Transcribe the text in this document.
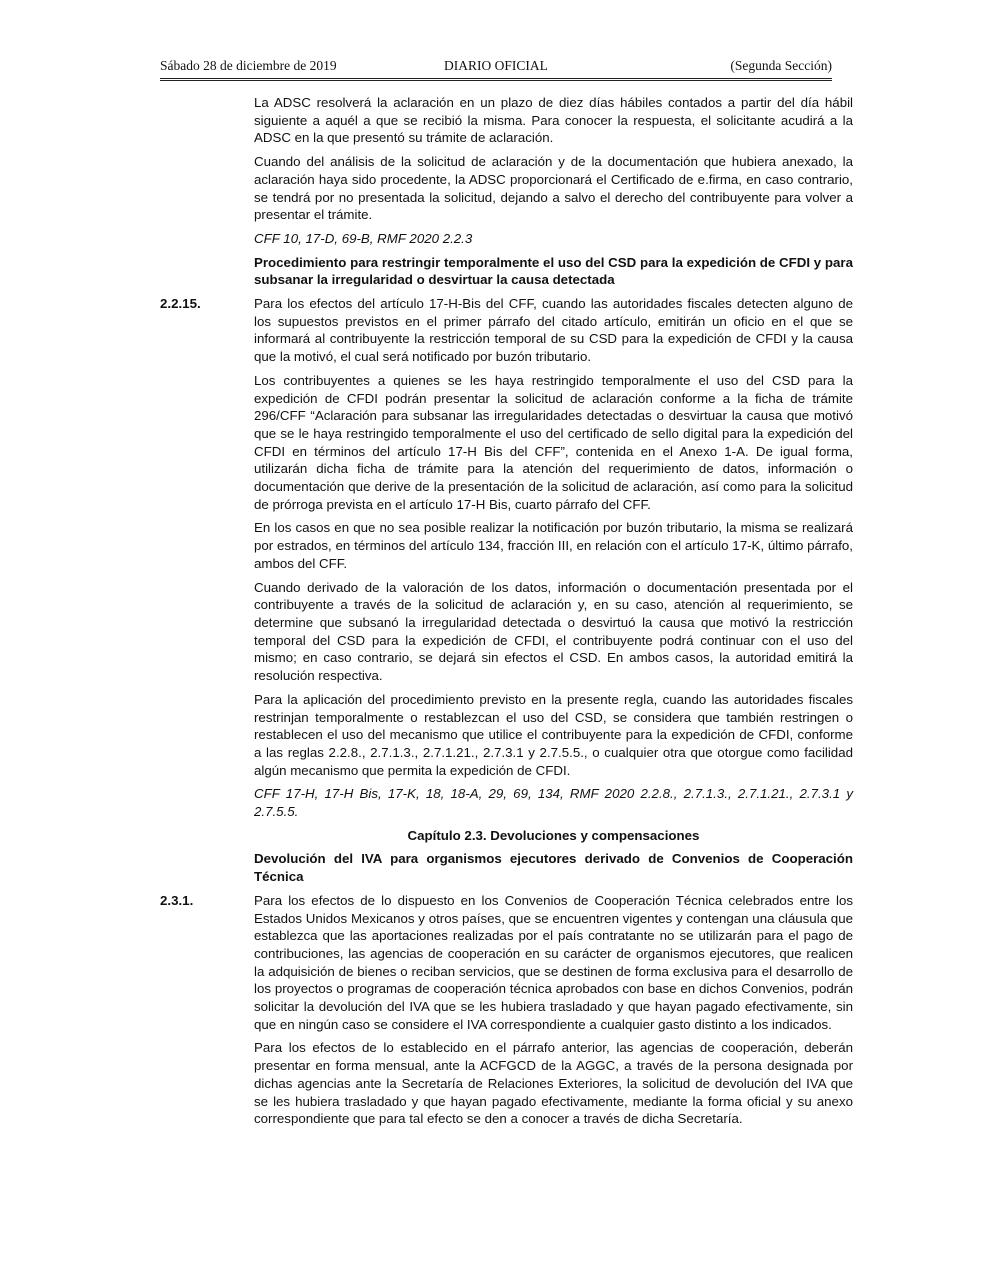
Sábado 28 de diciembre de 2019	DIARIO OFICIAL	(Segunda Sección)

La ADSC resolverá la aclaración en un plazo de diez días hábiles contados a partir del día hábil siguiente a aquél a que se recibió la misma. Para conocer la respuesta, el solicitante acudirá a la ADSC en la que presentó su trámite de aclaración.

Cuando del análisis de la solicitud de aclaración y de la documentación que hubiera anexado, la aclaración haya sido procedente, la ADSC proporcionará el Certificado de e.firma, en caso contrario, se tendrá por no presentada la solicitud, dejando a salvo el derecho del contribuyente para volver a presentar el trámite.

CFF 10, 17-D, 69-B, RMF 2020 2.2.3

Procedimiento para restringir temporalmente el uso del CSD para la expedición de CFDI y para subsanar la irregularidad o desvirtuar la causa detectada

2.2.15.	Para los efectos del artículo 17-H-Bis del CFF, cuando las autoridades fiscales detecten alguno de los supuestos previstos en el primer párrafo del citado artículo, emitirán un oficio en el que se informará al contribuyente la restricción temporal de su CSD para la expedición de CFDI y la causa que la motivó, el cual será notificado por buzón tributario.

Los contribuyentes a quienes se les haya restringido temporalmente el uso del CSD para la expedición de CFDI podrán presentar la solicitud de aclaración conforme a la ficha de trámite 296/CFF “Aclaración para subsanar las irregularidades detectadas o desvirtuar la causa que motivó que se le haya restringido temporalmente el uso del certificado de sello digital para la expedición del CFDI en términos del artículo 17-H Bis del CFF”, contenida en el Anexo 1-A. De igual forma, utilizarán dicha ficha de trámite para la atención del requerimiento de datos, información o documentación que derive de la presentación de la solicitud de aclaración, así como para la solicitud de prórroga prevista en el artículo 17-H Bis, cuarto párrafo del CFF.

En los casos en que no sea posible realizar la notificación por buzón tributario, la misma se realizará por estrados, en términos del artículo 134, fracción III, en relación con el artículo 17-K, último párrafo, ambos del CFF.

Cuando derivado de la valoración de los datos, información o documentación presentada por el contribuyente a través de la solicitud de aclaración y, en su caso, atención al requerimiento, se determine que subsanó la irregularidad detectada o desvirtuó la causa que motivó la restricción temporal del CSD para la expedición de CFDI, el contribuyente podrá continuar con el uso del mismo; en caso contrario, se dejará sin efectos el CSD. En ambos casos, la autoridad emitirá la resolución respectiva.

Para la aplicación del procedimiento previsto en la presente regla, cuando las autoridades fiscales restrinjan temporalmente o restablezcan el uso del CSD, se considera que también restringen o restablecen el uso del mecanismo que utilice el contribuyente para la expedición de CFDI, conforme a las reglas 2.2.8., 2.7.1.3., 2.7.1.21., 2.7.3.1 y 2.7.5.5., o cualquier otra que otorgue como facilidad algún mecanismo que permita la expedición de CFDI.

CFF 17-H, 17-H Bis, 17-K, 18, 18-A, 29, 69, 134, RMF 2020 2.2.8., 2.7.1.3., 2.7.1.21., 2.7.3.1 y 2.7.5.5.

Capítulo 2.3. Devoluciones y compensaciones

Devolución del IVA para organismos ejecutores derivado de Convenios de Cooperación Técnica

2.3.1.	Para los efectos de lo dispuesto en los Convenios de Cooperación Técnica celebrados entre los Estados Unidos Mexicanos y otros países, que se encuentren vigentes y contengan una cláusula que establezca que las aportaciones realizadas por el país contratante no se utilizarán para el pago de contribuciones, las agencias de cooperación en su carácter de organismos ejecutores, que realicen la adquisición de bienes o reciban servicios, que se destinen de forma exclusiva para el desarrollo de los proyectos o programas de cooperación técnica aprobados con base en dichos Convenios, podrán solicitar la devolución del IVA que se les hubiera trasladado y que hayan pagado efectivamente, sin que en ningún caso se considere el IVA correspondiente a cualquier gasto distinto a los indicados.

Para los efectos de lo establecido en el párrafo anterior, las agencias de cooperación, deberán presentar en forma mensual, ante la ACFGCD de la AGGC, a través de la persona designada por dichas agencias ante la Secretaría de Relaciones Exteriores, la solicitud de devolución del IVA que se les hubiera trasladado y que hayan pagado efectivamente, mediante la forma oficial y su anexo correspondiente que para tal efecto se den a conocer a través de dicha Secretaría.
